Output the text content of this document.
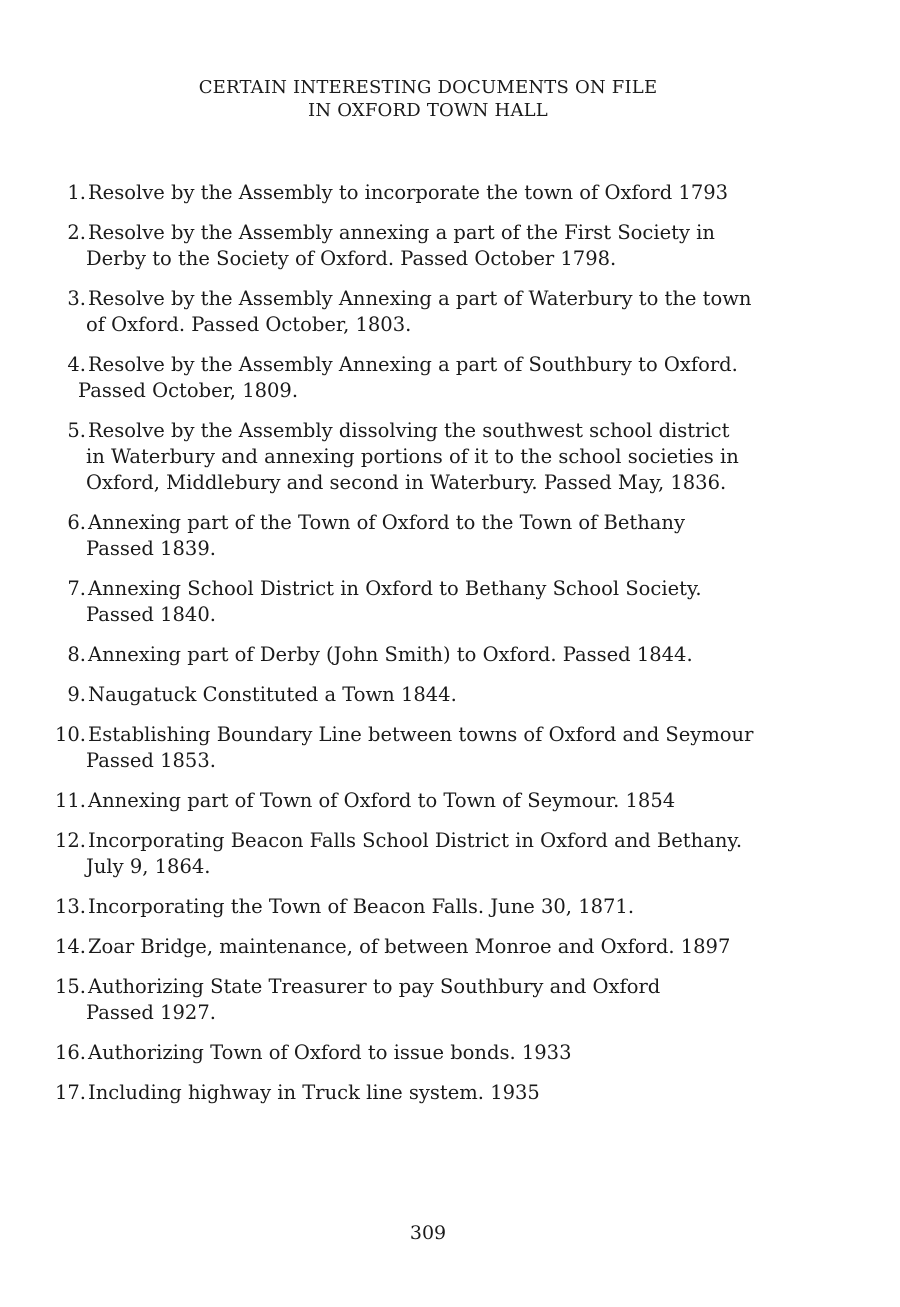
CERTAIN INTERESTING DOCUMENTS ON FILE
IN OXFORD TOWN HALL
1. Resolve by the Assembly to incorporate the town of Oxford 1793
2. Resolve by the Assembly annexing a part of the First Society in
Derby to the Society of Oxford. Passed October 1798.
3. Resolve by the Assembly Annexing a part of Waterbury to the town
of Oxford. Passed October, 1803.
4. Resolve by the Assembly Annexing a part of Southbury to Oxford.
Passed October, 1809.
5. Resolve by the Assembly dissolving the southwest school district
in Waterbury and annexing portions of it to the school societies in
Oxford, Middlebury and second in Waterbury. Passed May, 1836.
6. Annexing part of the Town of Oxford to the Town of Bethany
Passed 1839.
7. Annexing School District in Oxford to Bethany School Society.
Passed 1840.
8. Annexing part of Derby (John Smith) to Oxford. Passed 1844.
9. Naugatuck Constituted a Town 1844.
10. Establishing Boundary Line between towns of Oxford and Seymour
Passed 1853.
11. Annexing part of Town of Oxford to Town of Seymour. 1854
12. Incorporating Beacon Falls School District in Oxford and Bethany.
July 9, 1864.
13. Incorporating the Town of Beacon Falls. June 30, 1871.
14. Zoar Bridge, maintenance, of between Monroe and Oxford. 1897
15. Authorizing State Treasurer to pay Southbury and Oxford
Passed 1927.
16. Authorizing Town of Oxford to issue bonds. 1933
17. Including highway in Truck line system. 1935
309
